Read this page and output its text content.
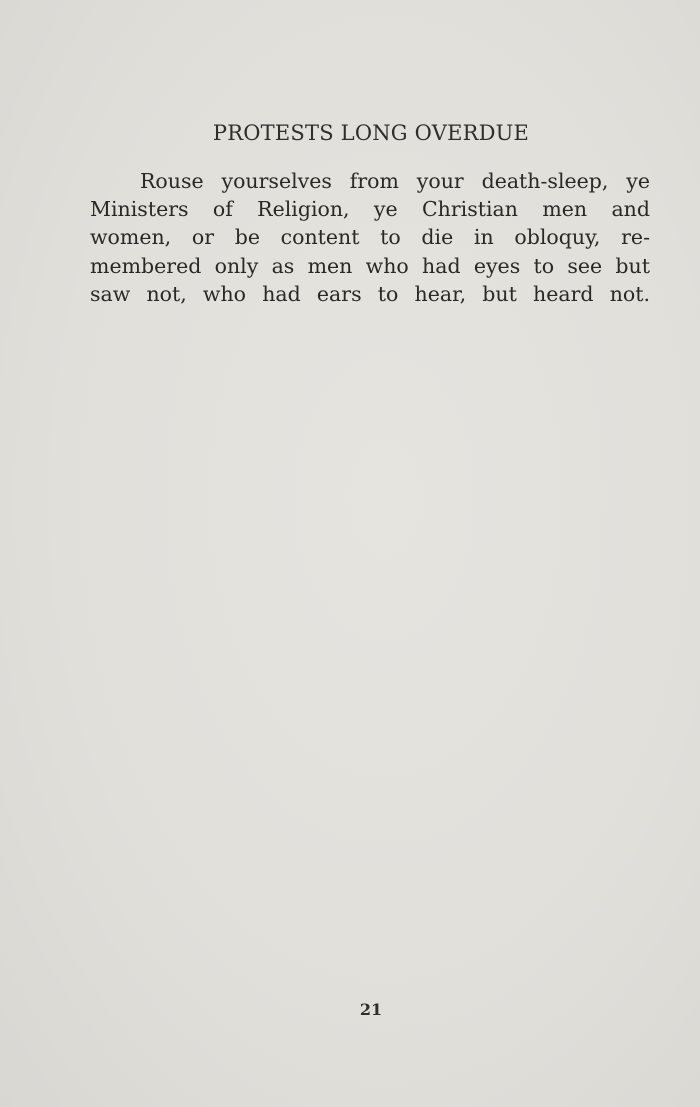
PROTESTS LONG OVERDUE
Rouse yourselves from your death-sleep, ye
Ministers of Religion, ye Christian men and
women, or be content to die in obloquy, re-
membered only as men who had eyes to see but
saw not, who had ears to hear, but heard not.
21
